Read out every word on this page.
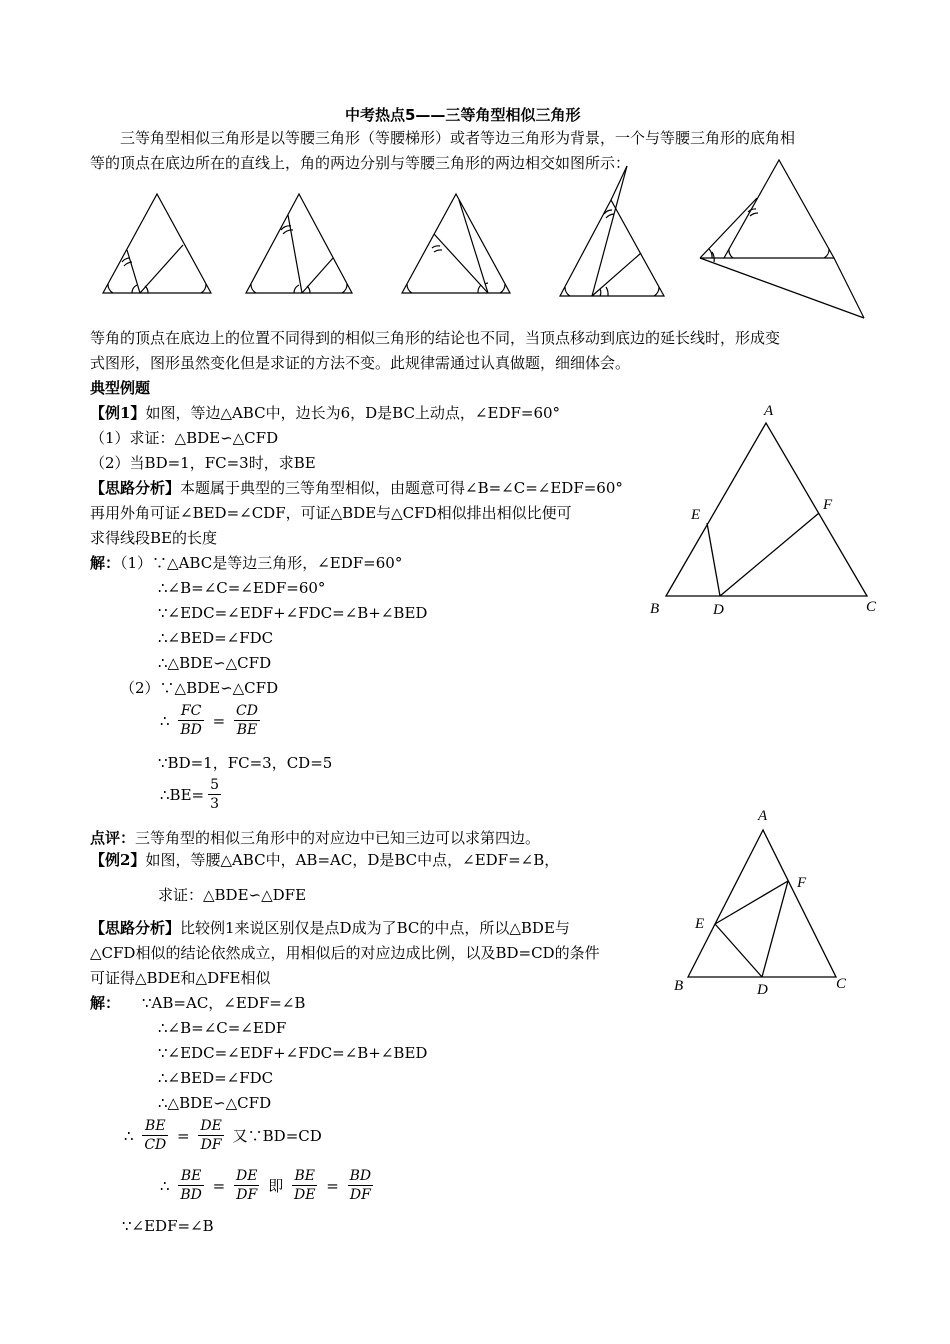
中考热点5——三等角型相似三角形
三等角型相似三角形是以等腰三角形（等腰梯形）或者等边三角形为背景，一个与等腰三角形的底角相
等的顶点在底边所在的直线上，角的两边分别与等腰三角形的两边相交如图所示：
等角的顶点在底边上的位置不同得到的相似三角形的结论也不同，当顶点移动到底边的延长线时，形成变
式图形，图形虽然变化但是求证的方法不变。此规律需通过认真做题，细细体会。
典型例题
【例1】如图，等边△ABC中，边长为6，D是BC上动点，∠EDF=60°
（1）求证：△BDE∽△CFD
（2）当BD=1，FC=3时，求BE
【思路分析】本题属于典型的三等角型相似，由题意可得∠B=∠C=∠EDF=60°
再用外角可证∠BED=∠CDF，可证△BDE与△CFD相似排出相似比便可
求得线段BE的长度
解：（1）∵△ABC是等边三角形，∠EDF=60°
∴∠B=∠C=∠EDF=60°
∵∠EDC=∠EDF+∠FDC=∠B+∠BED
∴∠BED=∠FDC
∴△BDE∽△CFD
（2）∵△BDE∽△CFD
∴ $\frac{FC}{BD} = \frac{CD}{BE}$
∵BD=1，FC=3，CD=5
∴BE= $\frac{5}{3}$
点评：三等角型的相似三角形中的对应边中已知三边可以求第四边。
A
B	C
D
E
F
【例2】如图，等腰△ABC中，AB=AC，D是BC中点，∠EDF=∠B，
求证：△BDE∽△DFE
【思路分析】比较例1来说区别仅是点D成为了BC的中点，所以△BDE与
△CFD相似的结论依然成立，用相似后的对应边成比例，以及BD=CD的条件
可证得△BDE和△DFE相似
解： ∵AB=AC，∠EDF=∠B
∴∠B=∠C=∠EDF
∵∠EDC=∠EDF+∠FDC=∠B+∠BED
∴∠BED=∠FDC
∴△BDE∽△CFD
∴ $\frac{BE}{CD} = \frac{DE}{DF}$ 又∵BD=CD
∴ $\frac{BE}{BD} = \frac{DE}{DF}$ 即 $\frac{BE}{DE} = \frac{BD}{DF}$
∵∠EDF=∠B
A
B	C
D
E
F
